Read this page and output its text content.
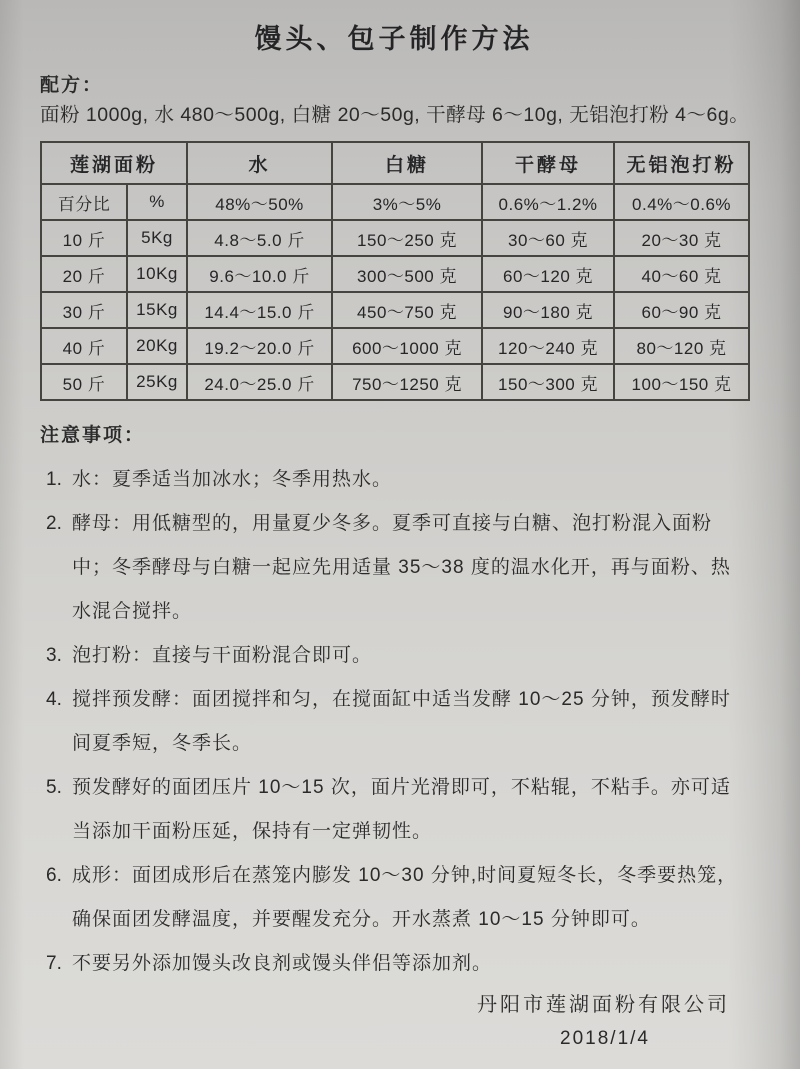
馒头、包子制作方法
配方：
面粉 1000g, 水 480～500g, 白糖 20～50g, 干酵母 6～10g, 无铝泡打粉 4～6g。
莲湖面粉		水	白糖	干酵母	无铝泡打粉
百分比	%	48%～50%	3%～5%	0.6%～1.2%	0.4%～0.6%
10 斤	5Kg	4.8～5.0 斤	150～250 克	30～60 克	20～30 克
20 斤	10Kg	9.6～10.0 斤	300～500 克	60～120 克	40～60 克
30 斤	15Kg	14.4～15.0 斤	450～750 克	90～180 克	60～90 克
40 斤	20Kg	19.2～20.0 斤	600～1000 克	120～240 克	80～120 克
50 斤	25Kg	24.0～25.0 斤	750～1250 克	150～300 克	100～150 克
注意事项：
1. 水：夏季适当加冰水；冬季用热水。
2. 酵母：用低糖型的，用量夏少冬多。夏季可直接与白糖、泡打粉混入面粉中；冬季酵母与白糖一起应先用适量 35～38 度的温水化开，再与面粉、热水混合搅拌。
3. 泡打粉：直接与干面粉混合即可。
4. 搅拌预发酵：面团搅拌和匀，在搅面缸中适当发酵 10～25 分钟，预发酵时间夏季短，冬季长。
5. 预发酵好的面团压片 10～15 次，面片光滑即可，不粘辊，不粘手。亦可适当添加干面粉压延，保持有一定弹韧性。
6. 成形：面团成形后在蒸笼内膨发 10～30 分钟,时间夏短冬长，冬季要热笼，确保面团发酵温度，并要醒发充分。开水蒸煮 10～15 分钟即可。
7. 不要另外添加馒头改良剂或馒头伴侣等添加剂。
丹阳市莲湖面粉有限公司
2018/1/4
